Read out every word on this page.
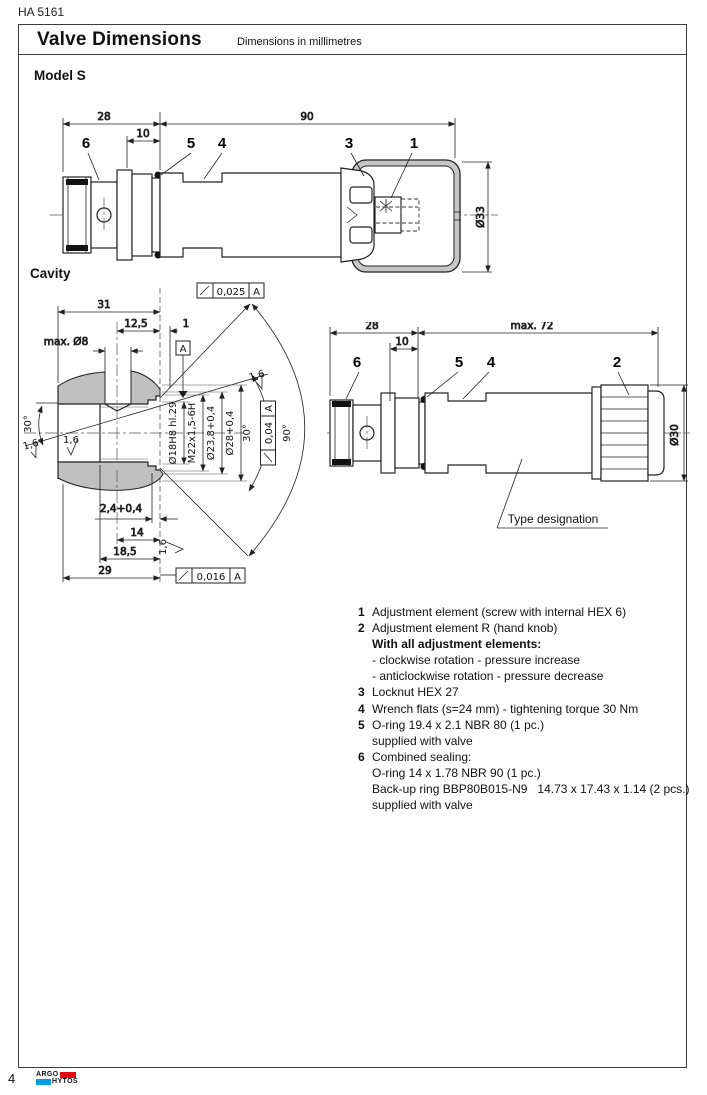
HA 5161
Valve Dimensions	Dimensions in millimetres
Model S
28
10
90
Ø33
6	5 4	3	1
Cavity
1,6
1,6 1,6
1,6
30°
31
12,5	1
max. Ø8
A
0,025 A
Ø18H8 hl.29 M22x1,5-6H Ø23,8+0,4 Ø28+0,4 30° 0,04
A
90°
2,4+0,4
14
18,5
29
0,016 A
28
10
max. 72
Ø30
6	5 4	2
Type designation
1 Adjustment element (screw with internal HEX 6)
2 Adjustment element R (hand knob)
With all adjustment elements:
- clockwise rotation - pressure increase
- anticlockwise rotation - pressure decrease
3 Locknut HEX 27
4 Wrench flats (s=24 mm) - tightening torque 30 Nm
5 O-ring 19.4 x 2.1 NBR 80 (1 pc.)
supplied with valve
6 Combined sealing:
O-ring 14 x 1.78 NBR 90 (1 pc.)
Back-up ring BBP80B015-N9   14.73 x 17.43 x 1.14 (2 pcs.)
supplied with valve
4	ARGO
HYTOS
